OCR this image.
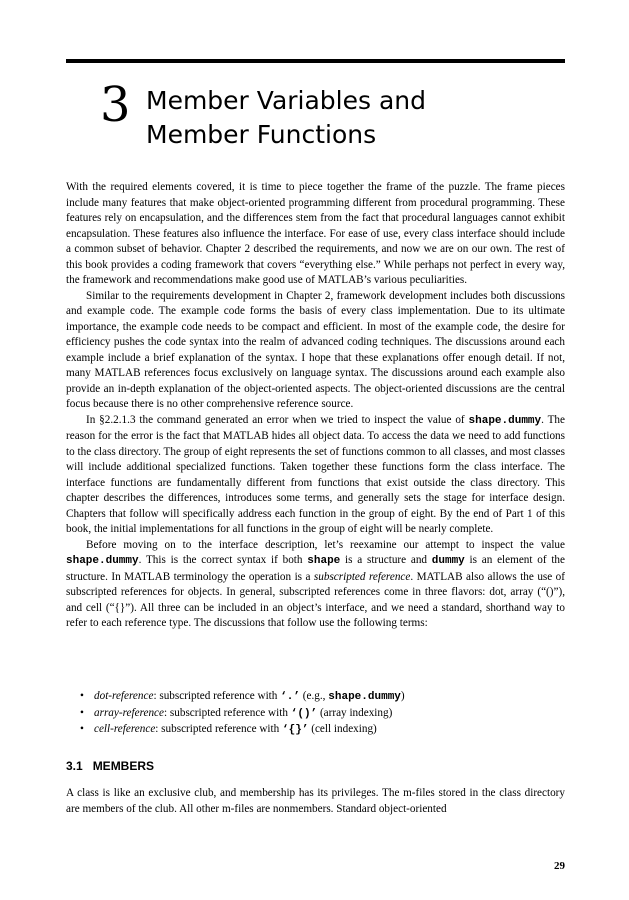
3 Member Variables and
Member Functions

With the required elements covered, it is time to piece together the frame of the puzzle. The frame pieces include many features that make object-oriented programming different from procedural programming. These features rely on encapsulation, and the differences stem from the fact that procedural languages cannot exhibit encapsulation. These features also influence the interface. For ease of use, every class interface should include a common subset of behavior. Chapter 2 described the requirements, and now we are on our own. The rest of this book provides a coding framework that covers “everything else.” While perhaps not perfect in every way, the framework and recommendations make good use of MATLAB’s various peculiarities.

Similar to the requirements development in Chapter 2, framework development includes both discussions and example code. The example code forms the basis of every class implementation. Due to its ultimate importance, the example code needs to be compact and efficient. In most of the example code, the desire for efficiency pushes the code syntax into the realm of advanced coding techniques. The discussions around each example include a brief explanation of the syntax. I hope that these explanations offer enough detail. If not, many MATLAB references focus exclusively on language syntax. The discussions around each example also provide an in-depth explanation of the object-oriented aspects. The object-oriented discussions are the central focus because there is no other comprehensive reference source.

In §2.2.1.3 the command generated an error when we tried to inspect the value of shape.dummy. The reason for the error is the fact that MATLAB hides all object data. To access the data we need to add functions to the class directory. The group of eight represents the set of functions common to all classes, and most classes will include additional specialized functions. Taken together these functions form the class interface. The interface functions are fundamentally different from functions that exist outside the class directory. This chapter describes the differences, introduces some terms, and generally sets the stage for interface design. Chapters that follow will specifically address each function in the group of eight. By the end of Part 1 of this book, the initial implementations for all functions in the group of eight will be nearly complete.

Before moving on to the interface description, let’s reexamine our attempt to inspect the value shape.dummy. This is the correct syntax if both shape is a structure and dummy is an element of the structure. In MATLAB terminology the operation is a subscripted reference. MATLAB also allows the use of subscripted references for objects. In general, subscripted references come in three flavors: dot, array (“()”), and cell (“{}”). All three can be included in an object’s interface, and we need a standard, shorthand way to refer to each reference type. The discussions that follow use the following terms:

• dot-reference: subscripted reference with ‘.’ (e.g., shape.dummy)
• array-reference: subscripted reference with ‘()’ (array indexing)
• cell-reference: subscripted reference with ‘{}’ (cell indexing)
3.1 MEMBERS
A class is like an exclusive club, and membership has its privileges. The m-files stored in the class directory are members of the club. All other m-files are nonmembers. Standard object-oriented
29
